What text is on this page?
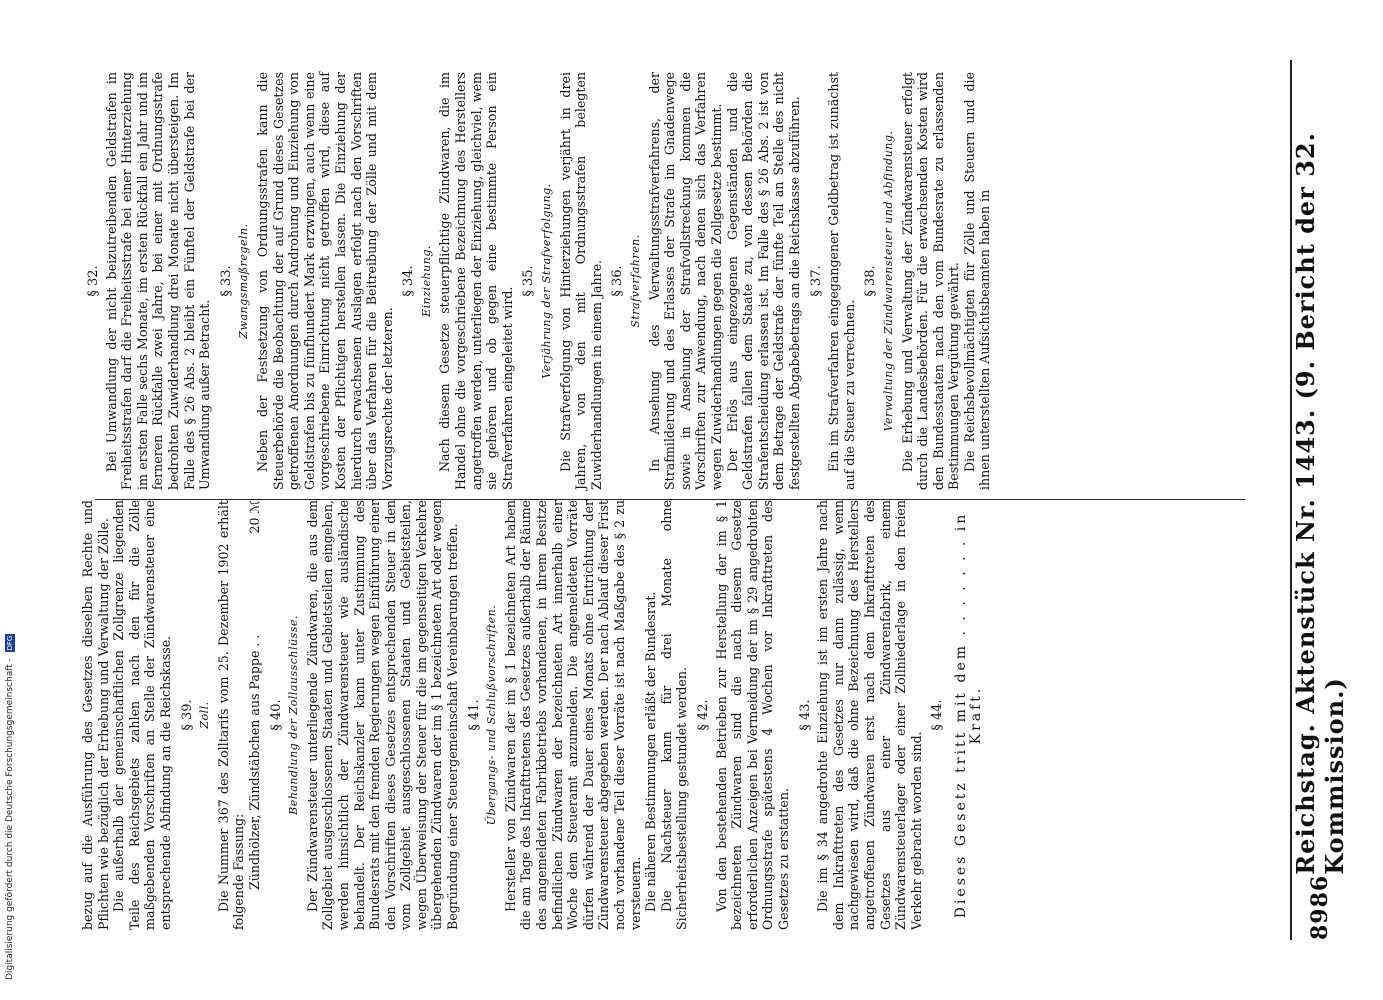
8986
Reichstag. Aktenstück Nr. 1443. (9. Bericht der 32. Kommission.)
§ 32. Bei Umwandlung der nicht beizutreibenden Geldstrafen in Freiheitsstrafen darf die Freiheitsstrafe bei einer Hinterziehung im ersten Falle sechs Monate, im ersten Rückfall ein Jahr und im ferneren Rückfalle zwei Jahre, bei einer mit Ordnungsstrafe bedrohten Zuwiderhandlung drei Monate nicht übersteigen. Im Falle des § 26 Abs. 2 bleibt ein Fünftel der Geldstrafe bei der Umwandlung außer Betracht.

§ 33. Zwangsmaßregeln. Neben der Festsetzung von Ordnungsstrafen kann die Steuerbehörde die Beobachtung der auf Grund dieses Gesetzes getroffenen Anordnungen durch Androhung und Einziehung von Geldstrafen bis zu fünfhundert Mark erzwingen, auch wenn eine vorgeschriebene Einrichtung nicht getroffen wird, diese auf Kosten der Pflichtigen herstellen lassen. Die Einziehung der hierdurch erwachsenen Auslagen erfolgt nach den Vorschriften über das Verfahren für die Beitreibung der Zölle und mit dem Vorzugsrechte der letzteren.

§ 34. Einziehung. Nach diesem Gesetze steuerpflichtige Zündwaren, die im Handel ohne die vorgeschriebene Bezeichnung des Herstellers angetroffen werden, unterliegen der Einziehung, gleichviel, wem sie gehören und ob gegen eine bestimmte Person ein Strafverfahren eingeleitet wird.

§ 35. Verjährung der Strafverfolgung. Die Strafverfolgung von Hinterziehungen verjährt in drei Jahren, von den mit Ordnungsstrafen belegten Zuwiderhandlungen in einem Jahre. § 36. Strafverfahren. In Ansehung des Verwaltungsstrafverfahrens, der Strafmilderung und des Erlasses der Strafe im Gnadenwege sowie in Ansehung der Strafvollstreckung kommen die Vorschriften zur Anwendung, nach denen sich das Verfahren wegen Zuwiderhandlungen gegen die Zollgesetze bestimmt. Der Erlös aus eingezogenen Gegenständen und die Geldstrafen fallen dem Staate zu, von dessen Behörden die Strafentscheidung erlassen ist. Im Falle des § 26 Abs. 2 ist von dem Betrage der Geldstrafe der fünfte Teil an Stelle des nicht festgestellten Abgabebetrags an die Reichskasse abzuführen. § 37. Ein im Strafverfahren eingegangener Geldbetrag ist zunächst auf die Steuer zu verrechnen.

§ 38. Verwaltung der Zündwarensteuer und Abfindung. Die Erhebung und Verwaltung der Zündwarensteuer erfolgt durch die Landesbehörden. Für die erwachsenden Kosten wird den Bundesstaaten nach den vom Bundesrate zu erlassenden Bestimmungen Vergütung gewährt. Die Reichsbevollmächtigten für Zölle und Steuern und die ihnen unterstellten Aufsichtsbeamten haben in

bezug auf die Ausführung des Gesetzes dieselben Rechte und Pflichten wie bezüglich der Erhebung und Verwaltung der Zölle. Die außerhalb der gemeinschaftlichen Zollgrenze liegenden Teile des Reichsgebiets zahlen nach den für die Zölle maßgebenden Vorschriften an Stelle der Zündwarensteuer eine entsprechende Abfindung an die Reichskasse. § 39. Zoll. Die Nummer 367 des Zolltarifs vom 25. Dezember 1902 erhält folgende Fassung: Zündhölzer, Zündstäbchen aus Pappe . .
20 ℳ
§ 40. Behandlung der Zollausschlüsse. Der Zündwarensteuer unterliegende Zündwaren, die aus dem Zollgebiet ausgeschlossenen Staaten und Gebietsteilen eingehen, werden hinsichtlich der Zündwarensteuer wie ausländische behandelt. Der Reichskanzler kann unter Zustimmung des Bundesrats mit den fremden Regierungen wegen Einführung einer den Vorschriften dieses Gesetzes entsprechenden Steuer in den vom Zollgebiet ausgeschlossenen Staaten und Gebietsteilen, wegen Überweisung der Steuer für die im gegenseitigen Verkehre übergehenden Zündwaren der im § 1 bezeichneten Art oder wegen Begründung einer Steuergemeinschaft Vereinbarungen treffen. § 41. Übergangs- und Schlußvorschriften. Hersteller von Zündwaren der im § 1 bezeichneten Art haben die am Tage des Inkrafttretens des Gesetzes außerhalb der Räume des angemeldeten Fabrikbetriebs vorhandenen, in ihrem Besitze befindlichen Zündwaren der bezeichneten Art innerhalb einer Woche dem Steueramt anzumelden. Die angemeldeten Vorräte dürfen während der Dauer eines Monats ohne Entrichtung der Zündwarensteuer abgegeben werden. Der nach Ablauf dieser Frist noch vorhandene Teil dieser Vorräte ist nach Maßgabe des § 2 zu versteuern. Die näheren Bestimmungen erläßt der Bundesrat. Die Nachsteuer kann für drei Monate ohne Sicherheitsbestellung gestundet werden. § 42. Von den bestehenden Betrieben zur Herstellung der im § 1 bezeichneten Zündwaren sind die nach diesem Gesetze erforderlichen Anzeigen bei Vermeidung der im § 29 angedrohten Ordnungsstrafe spätestens 4 Wochen vor Inkrafttreten des Gesetzes zu erstatten.

§ 43. Die im § 34 angedrohte Einziehung ist im ersten Jahre nach dem Inkrafttreten des Gesetzes nur dann zulässig, wenn nachgewiesen wird, daß die ohne Bezeichnung des Herstellers angetroffenen Zündwaren erst nach dem Inkrafttreten des Gesetzes aus einer Zündwarenfabrik, einem Zündwarensteuerlager oder einer Zollniederlage in den freien Verkehr gebracht worden sind.

§ 44. Dieses Gesetz tritt mit dem . . . . . . . in Kraft.
Digitalisierung gefördert durch die Deutsche Forschungsgemeinschaft -
DFG
